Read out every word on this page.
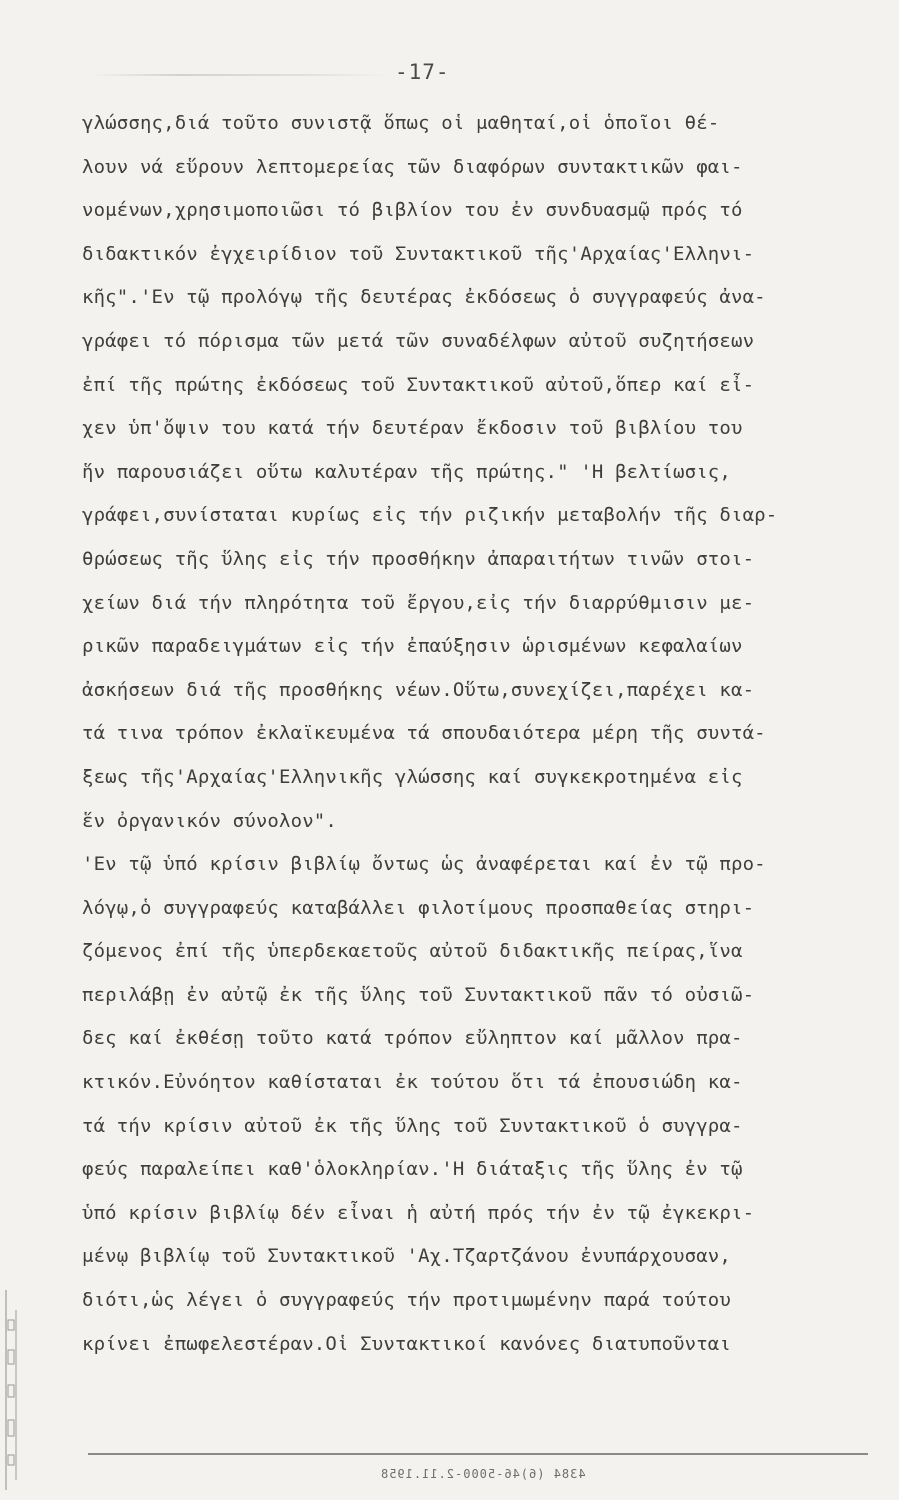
-17-
γλώσσης,διά τοῦτο συνιστᾷ ὅπως οἱ μαθηταί,οἱ ὁποῖοι θέ-
λουν νά εὕρουν λεπτομερείας τῶν διαφόρων συντακτικῶν φαι-
νομένων,χρησιμοποιῶσι τό βιβλίον του ἐν συνδυασμῷ πρός τό
διδακτικόν ἐγχειρίδιον τοῦ Συντακτικοῦ τῆς'Αρχαίας'Ελληνι-
κῆς".'Εν τῷ προλόγῳ τῆς δευτέρας ἐκδόσεως ὁ συγγραφεύς ἀνα-
γράφει τό πόρισμα τῶν μετά τῶν συναδέλφων αὐτοῦ συζητήσεων
ἐπί τῆς πρώτης ἐκδόσεως τοῦ Συντακτικοῦ αὐτοῦ,ὅπερ καί εἶ-
χεν ὑπ'ὄψιν του κατά τήν δευτέραν ἔκδοσιν τοῦ βιβλίου του
ἥν παρουσιάζει οὕτω καλυτέραν τῆς πρώτης." 'Η βελτίωσις,
γράφει,συνίσταται κυρίως εἰς τήν ριζικήν μεταβολήν τῆς διαρ-
θρώσεως τῆς ὕλης εἰς τήν προσθήκην ἀπαραιτήτων τινῶν στοι-
χείων διά τήν πληρότητα τοῦ ἔργου,εἰς τήν διαρρύθμισιν με-
ρικῶν παραδειγμάτων εἰς τήν ἐπαύξησιν ὡρισμένων κεφαλαίων
ἀσκήσεων διά τῆς προσθήκης νέων.Οὕτω,συνεχίζει,παρέχει κα-
τά τινα τρόπον ἐκλαϊκευμένα τά σπουδαιότερα μέρη τῆς συντά-
ξεως τῆς'Αρχαίας'Ελληνικῆς γλώσσης καί συγκεκροτημένα εἰς
ἕν ὀργανικόν σύνολον".
'Εν τῷ ὑπό κρίσιν βιβλίῳ ὄντως ὡς ἀναφέρεται καί ἐν τῷ προ-
λόγῳ,ὁ συγγραφεύς καταβάλλει φιλοτίμους προσπαθείας στηρι-
ζόμενος ἐπί τῆς ὑπερδεκαετοῦς αὐτοῦ διδακτικῆς πείρας,ἵνα
περιλάβῃ ἐν αὐτῷ ἐκ τῆς ὕλης τοῦ Συντακτικοῦ πᾶν τό οὐσιῶ-
δες καί ἐκθέσῃ τοῦτο κατά τρόπον εὔληπτον καί μᾶλλον πρα-
κτικόν.Εὐνόητον καθίσταται ἐκ τούτου ὅτι τά ἐπουσιώδη κα-
τά τήν κρίσιν αὐτοῦ ἐκ τῆς ὕλης τοῦ Συντακτικοῦ ὁ συγγρα-
φεύς παραλείπει καθ'ὁλοκληρίαν.'Η διάταξις τῆς ὕλης ἐν τῷ
ὑπό κρίσιν βιβλίῳ δέν εἶναι ἡ αὐτή πρός τήν ἐν τῷ ἐγκεκρι-
μένῳ βιβλίῳ τοῦ Συντακτικοῦ 'Αχ.Τζαρτζάνου ἐνυπάρχουσαν,
διότι,ὡς λέγει ὁ συγγραφεύς τήν προτιμωμένην παρά τούτου
κρίνει ἐπωφελεστέραν.Οἱ Συντακτικοί κανόνες διατυποῦνται
4384 (6)46-5000-2.11.1958
